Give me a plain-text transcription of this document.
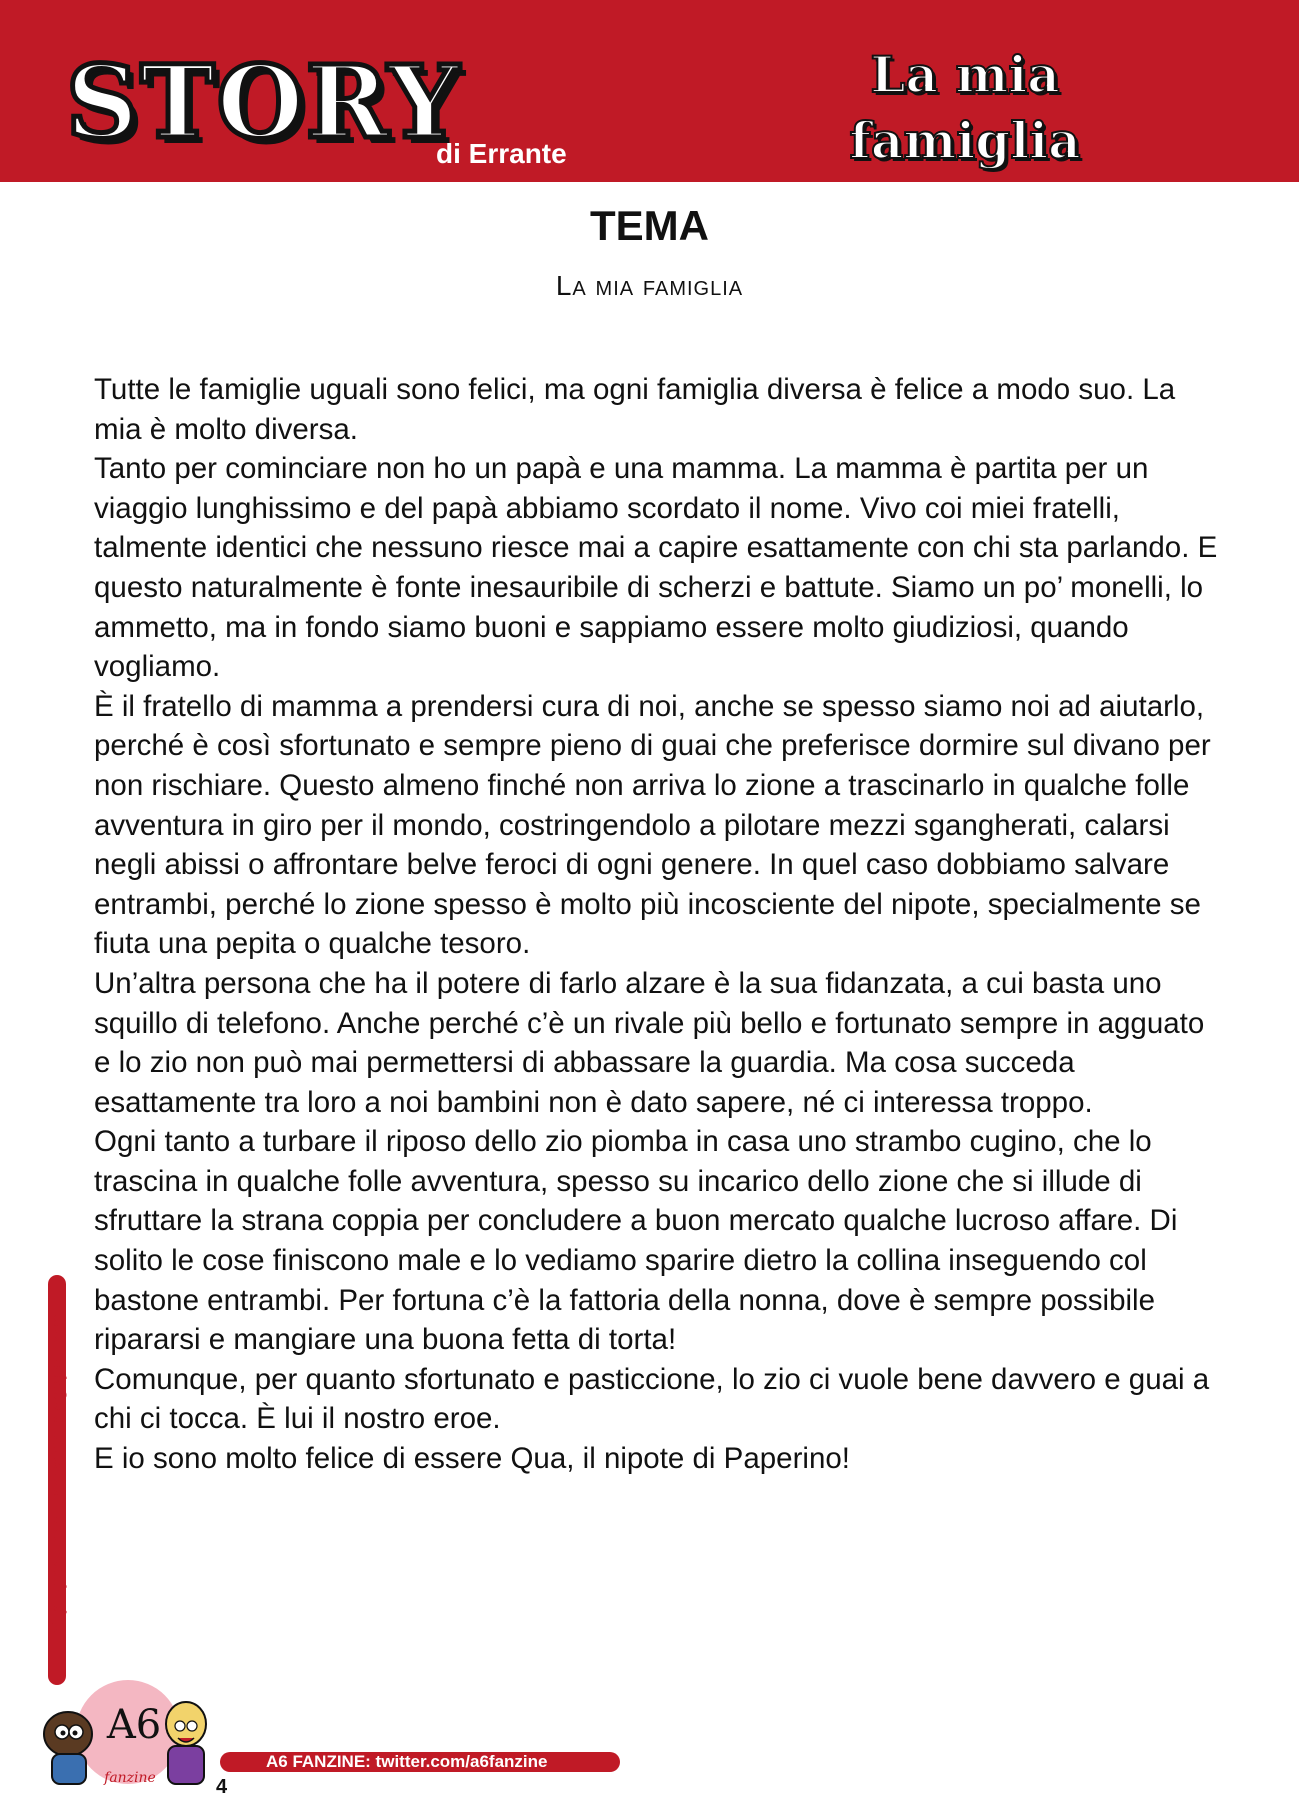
STORY
di Errante
La mia
famiglia
TEMA
La mia famiglia

Tutte le famiglie uguali sono felici, ma ogni famiglia diversa è felice a modo suo. La mia è molto diversa.

Tanto per cominciare non ho un papà e una mamma. La mamma è partita per un viaggio lunghissimo e del papà abbiamo scordato il nome. Vivo coi miei fratelli, talmente identici che nessuno riesce mai a capire esattamente con chi sta parlando. E questo naturalmente è fonte inesauribile di scherzi e battute. Siamo un po’ monelli, lo ammetto, ma in fondo siamo buoni e sappiamo essere molto giudiziosi, quando vogliamo.

È il fratello di mamma a prendersi cura di noi, anche se spesso siamo noi ad aiutarlo, perché è così sfortunato e sempre pieno di guai che preferisce dormire sul divano per non rischiare. Questo almeno finché non arriva lo zione a trascinarlo in qualche folle avventura in giro per il mondo, costringendolo a pilotare mezzi sgangherati, calarsi negli abissi o affrontare belve feroci di ogni genere. In quel caso dobbiamo salvare entrambi, perché lo zione spesso è molto più incosciente del nipote, specialmente se fiuta una pepita o qualche tesoro.

Un’altra persona che ha il potere di farlo alzare è la sua fidanzata, a cui basta uno squillo di telefono. Anche perché c’è un rivale più bello e fortunato sempre in agguato e lo zio non può mai permettersi di abbassare la guardia. Ma cosa succeda esattamente tra loro a noi bambini non è dato sapere, né ci interessa troppo.

Ogni tanto a turbare il riposo dello zio piomba in casa uno strambo cugino, che lo trascina in qualche folle avventura, spesso su incarico dello zione che si illude di sfruttare la strana coppia per concludere a buon mercato qualche lucroso affare. Di solito le cose finiscono male e lo vediamo sparire dietro la collina inseguendo col bastone entrambi. Per fortuna c’è la fattoria della nonna, dove è sempre possibile ripararsi e mangiare una buona fetta di torta!

Comunque, per quanto sfortunato e pasticcione, lo zio ci vuole bene davvero e guai a chi ci tocca. È lui il nostro eroe.

E io sono molto felice di essere Qua, il nipote di Paperino!

http://pensieridiunerrante.blogspot.com
A6
fanzine
A6 FANZINE: twitter.com/a6fanzine
4
